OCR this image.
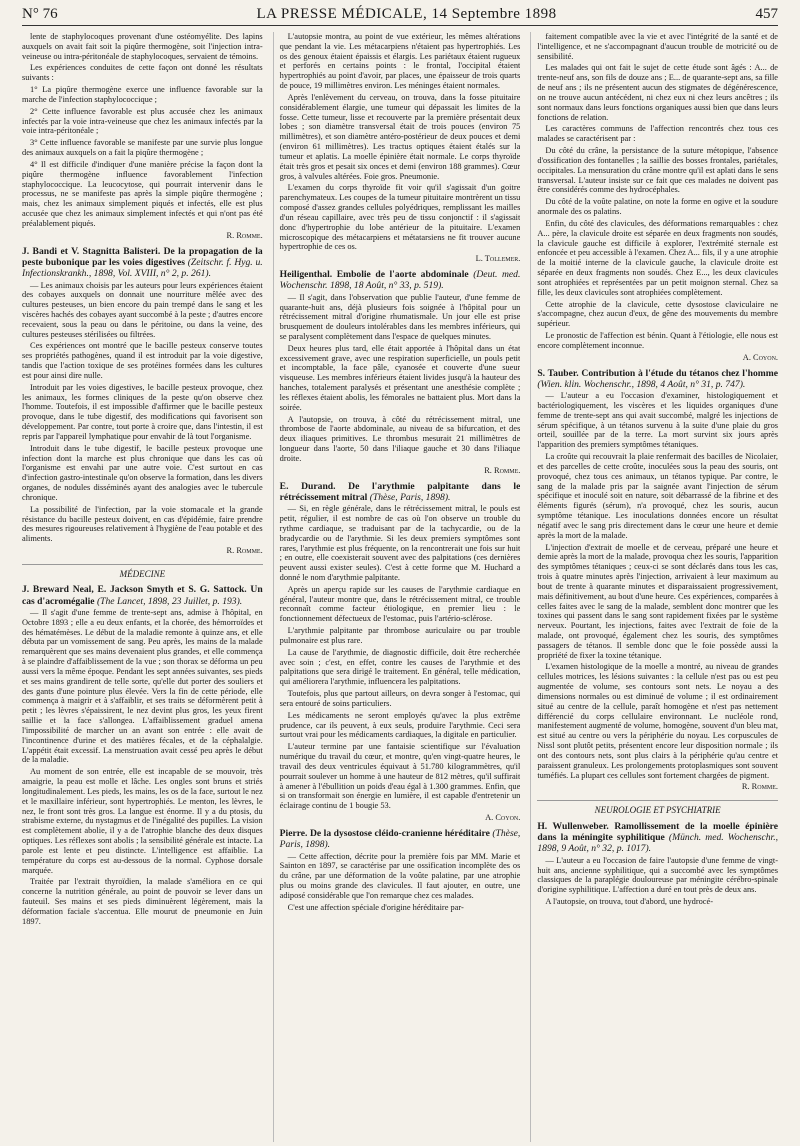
N° 76	LA PRESSE MÉDICALE, 14 Septembre 1898	457

lente de staphylocoques provenant d'une ostéomyélite. Des lapins auxquels on avait fait soit la piqûre thermogène, soit l'injection intra-veineuse ou intra-péritonéale de staphylocoques, servaient de témoins.

Les expériences conduites de cette façon ont donné les résultats suivants :

1° La piqûre thermogène exerce une influence favorable sur la marche de l'infection staphylococcique ;

2° Cette influence favorable est plus accusée chez les animaux infectés par la voie intra-veineuse que chez les animaux infectés par la voie intra-péritonéale ;

3° Cette influence favorable se manifeste par une survie plus longue des animaux auxquels on a fait la piqûre thermogène ;

4° Il est difficile d'indiquer d'une manière précise la façon dont la piqûre thermogène influence favorablement l'infection staphylococcique. La leucocytose, qui pourrait intervenir dans le processus, ne se manifeste pas après la simple piqûre thermogène ; mais, chez les animaux simplement piqués et infectés, elle est plus accusée que chez les animaux simplement infectés et qui n'ont pas été préalablement piqués.

R. Romme.

J. Bandi et V. Stagnitta Balisteri. De la propagation de la peste bubonique par les voies digestives (Zeitschr. f. Hyg. u. Infectionskrankh., 1898, Vol. XVIII, n° 2, p. 261).

— Les animaux choisis par les auteurs pour leurs expériences étaient des cobayes auxquels on donnait une nourriture mêlée avec des cultures pesteuses, un bien encore du pain trempé dans le sang et les viscères hachés des cobayes ayant succombé à la peste ; d'autres encore recevaient, sous la peau ou dans le péritoine, ou dans la veine, des cultures pesteuses stérilisées ou filtrées.

Ces expériences ont montré que le bacille pesteux conserve toutes ses propriétés pathogènes, quand il est introduit par la voie digestive, tandis que l'action toxique de ses protéines formées dans les cultures est pour ainsi dire nulle.

Introduit par les voies digestives, le bacille pesteux provoque, chez les animaux, les formes cliniques de la peste qu'on observe chez l'homme. Toutefois, il est impossible d'affirmer que le bacille pesteux provoque, dans le tube digestif, des modifications qui favorisent son développement. Par contre, tout porte à croire que, dans l'intestin, il est repris par l'appareil lymphatique pour envahir de là tout l'organisme.

Introduit dans le tube digestif, le bacille pesteux provoque une infection dont la marche est plus chronique que dans les cas où l'organisme est envahi par une autre voie. C'est surtout en cas d'infection gastro-intestinale qu'on observe la formation, dans les divers organes, de nodules disséminés ayant des analogies avec le tubercule chronique.

La possibilité de l'infection, par la voie stomacale et la grande résistance du bacille pesteux doivent, en cas d'épidémie, faire prendre des mesures rigoureuses relativement à l'hygiène de l'eau potable et des aliments.

R. Romme.

MÉDECINE
J. Breward Neal, E. Jackson Smyth et S. G. Sattock. Un cas d'acromégalie (The Lancet, 1898, 23 Juillet, p. 193).

— Il s'agit d'une femme de trente-sept ans, admise à l'hôpital, en Octobre 1893 ; elle a eu deux enfants, et la chorée, des hémorroïdes et des hématémèses. Le début de la maladie remonte à quinze ans, et elle débuta par un vomissement de sang. Peu après, les mains de la malade remarquèrent que ses mains devenaient plus grandes, et elle commença à se plaindre d'affaiblissement de la vue ; son thorax se déforma un peu aussi vers la même époque. Pendant les sept années suivantes, ses pieds et ses mains grandirent de telle sorte, qu'elle dut porter des souliers et des gants d'une pointure plus élevée. Vers la fin de cette période, elle commença à maigrir et à s'affaiblir, et ses traits se déformèrent petit à petit ; les lèvres s'épaissirent, le nez devint plus gros, les yeux firent saillie et la face s'allongea. L'affaiblissement graduel amena l'impossibilité de marcher un an avant son entrée : elle avait de l'incontinence d'urine et des matières fécales, et de la céphalalgie. L'appétit était excessif. La menstruation avait cessé peu après le début de la maladie.

Au moment de son entrée, elle est incapable de se mouvoir, très amaigrie, la peau est molle et lâche. Les ongles sont bruns et striés longitudinalement. Les pieds, les mains, les os de la face, surtout le nez et le maxillaire inférieur, sont hypertrophiés. Le menton, les lèvres, le nez, le front sont très gros. La langue est énorme. Il y a du ptosis, du strabisme externe, du nystagmus et de l'inégalité des pupilles. La vision est complètement abolie, il y a de l'atrophie blanche des deux disques optiques. Les réflexes sont abolis ; la sensibilité générale est intacte. La parole est lente et peu distincte. L'intelligence est affaiblie. La température du corps est au-dessous de la normal. Cyphose dorsale marquée.

Traitée par l'extrait thyroïdien, la malade s'améliora en ce qui concerne la nutrition générale, au point de pouvoir se lever dans un fauteuil. Ses mains et ses pieds diminuèrent légèrement, mais la déformation faciale s'accentua. Elle mourut de pneumonie en Juin 1897.

L'autopsie montra, au point de vue extérieur, les mêmes altérations que pendant la vie. Les métacarpiens n'étaient pas hypertrophiés. Les os des genoux étaient épaissis et élargis. Les pariétaux étaient rugueux et perforés en certains points : le frontal, l'occipital étaient hypertrophiés au point d'avoir, par places, une épaisseur de trois quarts de pouce, 19 millimètres environ. Les méninges étaient normales.

Après l'enlèvement du cerveau, on trouva, dans la fosse pituitaire considérablement élargie, une tumeur qui dépassait les limites de la fosse. Cette tumeur, lisse et recouverte par la première présentait deux lobes ; son diamètre transversal était de trois pouces (environ 75 millimètres), et son diamètre antéro-postérieur de deux pouces et demi (environ 61 millimètres). Les tractus optiques étaient étalés sur la tumeur et aplatis. La moelle épinière était normale. Le corps thyroïde était très gros et pesait six onces et demi (environ 188 grammes). Cœur gros, à valvules altérées. Foie gros. Pneumonie.

L'examen du corps thyroïde fit voir qu'il s'agissait d'un goitre parenchymateux. Les coupes de la tumeur pituitaire montrèrent un tissu composé d'assez grandes cellules polyédriques, remplissant les mailles d'un réseau capillaire, avec très peu de tissu conjonctif : il s'agissait donc d'hypertrophie du lobe antérieur de la pituitaire. L'examen microscopique des métacarpiens et métatarsiens ne fit trouver aucune hypertrophie de ces os.

L. Tollemer.

Heiligenthal. Embolie de l'aorte abdominale (Deut. med. Wochenschr. 1898, 18 Août, n° 33, p. 519).

— Il s'agit, dans l'observation que publie l'auteur, d'une femme de quarante-huit ans, déjà plusieurs fois soignée à l'hôpital pour un rétrécissement mitral d'origine rhumatismale. Un jour elle est prise brusquement de douleurs intolérables dans les membres inférieurs, qui se paralysent complètement dans l'espace de quelques minutes.

Deux heures plus tard, elle était apportée à l'hôpital dans un état excessivement grave, avec une respiration superficielle, un pouls petit et incomptable, la face pâle, cyanosée et couverte d'une sueur visqueuse. Les membres inférieurs étaient livides jusqu'à la hauteur des hanches, totalement paralysés et présentant une anesthésie complète ; les réflexes étaient abolis, les fémorales ne battaient plus. Mort dans la soirée.

A l'autopsie, on trouva, à côté du rétrécissement mitral, une thrombose de l'aorte abdominale, au niveau de sa bifurcation, et des deux iliaques primitives. Le thrombus mesurait 21 millimètres de longueur dans l'aorte, 50 dans l'iliaque gauche et 30 dans l'iliaque droite.

R. Romme.

E. Durand. De l'arythmie palpitante dans le rétrécissement mitral (Thèse, Paris, 1898).

— Si, en règle générale, dans le rétrécissement mitral, le pouls est petit, régulier, il est nombre de cas où l'on observe un trouble du rythme cardiaque, se traduisant par de la tachycardie, ou de la bradycardie ou de l'arythmie. Si les deux premiers symptômes sont rares, l'arythmie est plus fréquente, on la rencontrerait une fois sur huit ; en outre, elle coexisterait souvent avec des palpitations (ces dernières peuvent aussi exister seules). C'est à cette forme que M. Huchard a donné le nom d'arythmie palpitante.

Après un aperçu rapide sur les causes de l'arythmie cardiaque en général, l'auteur montre que, dans le rétrécissement mitral, ce trouble reconnaît comme facteur étiologique, en premier lieu : le fonctionnement défectueux de l'estomac, puis l'artério-sclérose.

L'arythmie palpitante par thrombose auriculaire ou par trouble pulmonaire est plus rare.

La cause de l'arythmie, de diagnostic difficile, doit être recherchée avec soin ; c'est, en effet, contre les causes de l'arythmie et des palpitations que sera dirigé le traitement. En général, telle médication, qui améliorera l'arythmie, influencera les palpitations.

Toutefois, plus que partout ailleurs, on devra songer à l'estomac, qui sera entouré de soins particuliers.

Les médicaments ne seront employés qu'avec la plus extrême prudence, car ils peuvent, à eux seuls, produire l'arythmie. Ceci sera surtout vrai pour les médicaments cardiaques, la digitale en particulier.

L'auteur termine par une fantaisie scientifique sur l'évaluation numérique du travail du cœur, et montre, qu'en vingt-quatre heures, le travail des deux ventricules équivaut à 51.780 kilogrammètres, qu'il pourrait soulever un homme à une hauteur de 812 mètres, qu'il suffirait à amener à l'ébullition un poids d'eau égal à 1.300 grammes. Enfin, que si on transformait son énergie en lumière, il est capable d'entretenir un éclairage continu de 1 bougie 53.

A. Coyon.

Pierre. De la dysostose cléido-cranienne héréditaire (Thèse, Paris, 1898).

— Cette affection, décrite pour la première fois par MM. Marie et Sainton en 1897, se caractérise par une ossification incomplète des os du crâne, par une déformation de la voûte palatine, par une atrophie plus ou moins grande des clavicules. Il faut ajouter, en outre, une adiposé considérable que l'on remarque chez ces malades.

C'est une affection spéciale d'origine héréditaire par-

faitement compatible avec la vie et avec l'intégrité de la santé et de l'intelligence, et ne s'accompagnant d'aucun trouble de motricité ou de sensibilité.

Les malades qui ont fait le sujet de cette étude sont âgés : A... de trente-neuf ans, son fils de douze ans ; E... de quarante-sept ans, sa fille de neuf ans ; ils ne présentent aucun des stigmates de dégénérescence, on ne trouve aucun antécédent, ni chez eux ni chez leurs ancêtres ; ils sont normaux dans leurs fonctions organiques aussi bien que dans leurs fonctions de relation.

Les caractères communs de l'affection rencontrés chez tous ces malades se caractérisent par :

Du côté du crâne, la persistance de la suture métopique, l'absence d'ossification des fontanelles ; la saillie des bosses frontales, pariétales, occipitales. La mensuration du crâne montre qu'il est aplati dans le sens transversal. L'auteur insiste sur ce fait que ces malades ne doivent pas être considérés comme des hydrocéphales.

Du côté de la voûte palatine, on note la forme en ogive et la soudure anormale des os palatins.

Enfin, du côté des clavicules, des déformations remarquables : chez A... père, la clavicule droite est séparée en deux fragments non soudés, la clavicule gauche est difficile à explorer, l'extrémité sternale est enfoncée et peu accessible à l'examen. Chez A... fils, il y a une atrophie de la moitié interne de la clavicule gauche, la clavicule droite est séparée en deux fragments non soudés. Chez E..., les deux clavicules sont atrophiées et représentées par un petit moignon sternal. Chez sa fille, les deux clavicules sont atrophiées complètement.

Cette atrophie de la clavicule, cette dysostose claviculaire ne s'accompagne, chez aucun d'eux, de gêne des mouvements du membre supérieur.

Le pronostic de l'affection est bénin. Quant à l'étiologie, elle nous est encore complètement inconnue.

A. Coyon.

S. Tauber. Contribution à l'étude du tétanos chez l'homme (Wien. klin. Wochenschr., 1898, 4 Août, n° 31, p. 747).

— L'auteur a eu l'occasion d'examiner, histologiquement et bactériologiquement, les viscères et les liquides organiques d'une femme de trente-sept ans qui avait succombé, malgré les injections de sérum spécifique, à un tétanos survenu à la suite d'une plaie du gros orteil, souillée par de la terre. La mort survint six jours après l'apparition des premiers symptômes tétaniques.

La croûte qui recouvrait la plaie renfermait des bacilles de Nicolaier, et des parcelles de cette croûte, inoculées sous la peau des souris, ont provoqué, chez tous ces animaux, un tétanos typique. Par contre, le sang de la malade pris par la saignée avant l'injection de sérum spécifique et inoculé soit en nature, soit débarrassé de la fibrine et des éléments figurés (sérum), n'a provoqué, chez les souris, aucun symptôme tétanique. Les inoculations données encore un résultat négatif avec le sang pris directement dans le cœur une heure et demie après la mort de la malade.

L'injection d'extrait de moelle et de cerveau, préparé une heure et demie après la mort de la malade, provoqua chez les souris, l'apparition des symptômes tétaniques ; ceux-ci se sont déclarés dans tous les cas, trois à quatre minutes après l'injection, arrivaient à leur maximum au bout de trente à quarante minutes et disparaissaient progressivement, mais définitivement, au bout d'une heure. Ces expériences, comparées à celles faites avec le sang de la malade, semblent donc montrer que les toxines qui passent dans le sang sont rapidement fixées par le système nerveux. Pourtant, les injections, faites avec l'extrait de foie de la malade, ont provoqué, également chez les souris, des symptômes passagers de tétanos. Il semble donc que le foie possède aussi la propriété de fixer la toxine tétanique.

L'examen histologique de la moelle a montré, au niveau de grandes cellules motrices, les lésions suivantes : la cellule n'est pas ou est peu augmentée de volume, ses contours sont nets. Le noyau a des dimensions normales ou est diminué de volume ; il est ordinairement situé au centre de la cellule, paraît homogène et n'est pas nettement différencié du corps cellulaire environnant. Le nucléole rond, manifestement augmenté de volume, homogène, souvent d'un bleu mat, est situé au centre ou vers la périphérie du noyau. Les corpuscules de Nissl sont plutôt petits, présentent encore leur disposition normale ; ils ont des contours nets, sont plus clairs à la périphérie qu'au centre et paraissent granuleux. Les prolongements protoplasmiques sont souvent tuméfiés. La plupart ces cellules sont fortement chargées de pigment.

R. Romme.

NEUROLOGIE ET PSYCHIATRIE
H. Wullenweber. Ramollissement de la moelle épinière dans la méningite syphilitique (Münch. med. Wochenschr., 1898, 9 Août, n° 32, p. 1017).

— L'auteur a eu l'occasion de faire l'autopsie d'une femme de vingt-huit ans, ancienne syphilitique, qui a succombé avec les symptômes classiques de la paraplégie douloureuse par méningite cérébro-spinale d'origine syphilitique. L'affection a duré en tout près de deux ans.

A l'autopsie, on trouva, tout d'abord, une hydrocé-
